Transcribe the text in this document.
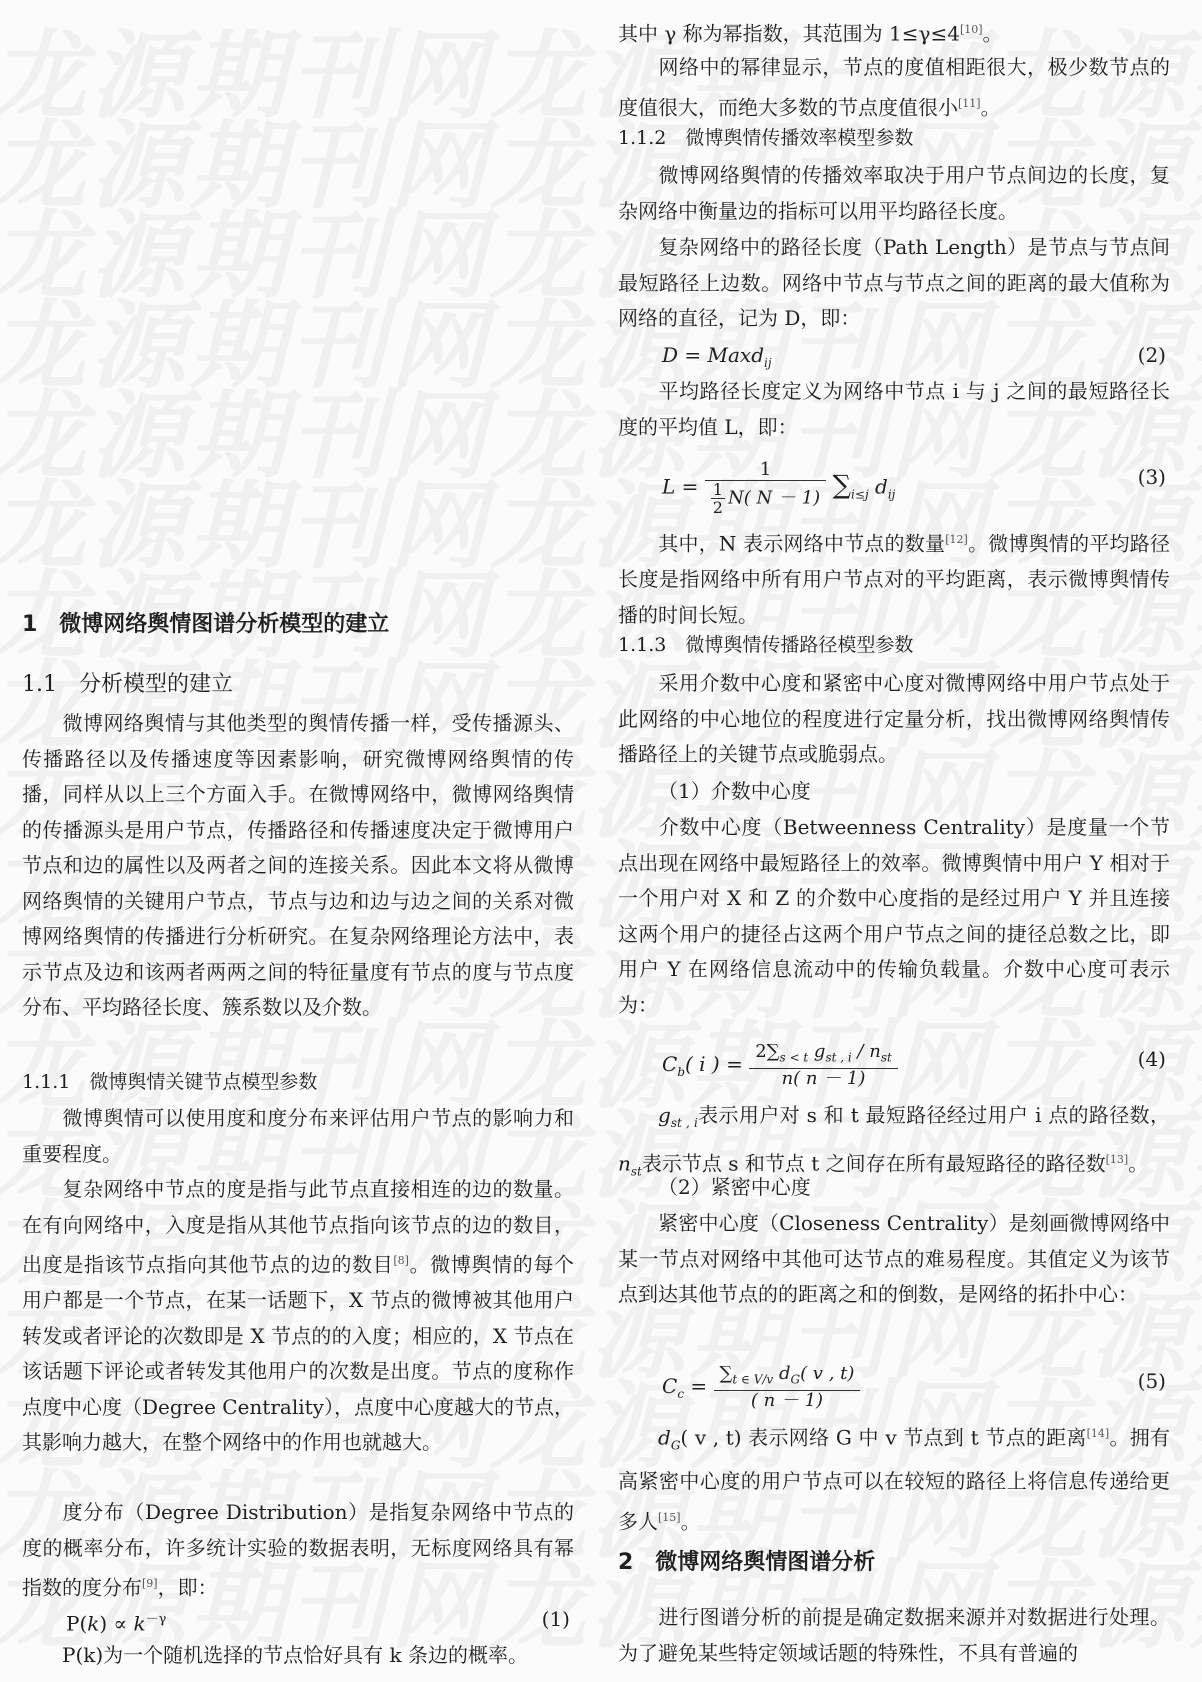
1　微博网络舆情图谱分析模型的建立
1.1　分析模型的建立
微博网络舆情与其他类型的舆情传播一样，受传播源头、传播路径以及传播速度等因素影响，研究微博网络舆情的传播，同样从以上三个方面入手。在微博网络中，微博网络舆情的传播源头是用户节点，传播路径和传播速度决定于微博用户节点和边的属性以及两者之间的连接关系。因此本文将从微博网络舆情的关键用户节点，节点与边和边与边之间的关系对微博网络舆情的传播进行分析研究。在复杂网络理论方法中，表示节点及边和该两者两两之间的特征量度有节点的度与节点度分布、平均路径长度、簇系数以及介数。
1.1.1　微博舆情关键节点模型参数
微博舆情可以使用度和度分布来评估用户节点的影响力和重要程度。
复杂网络中节点的度是指与此节点直接相连的边的数量。在有向网络中，入度是指从其他节点指向该节点的边的数目，出度是指该节点指向其他节点的边的数目[8]。微博舆情的每个用户都是一个节点，在某一话题下，X 节点的微博被其他用户转发或者评论的次数即是 X 节点的的入度；相应的，X 节点在该话题下评论或者转发其他用户的次数是出度。节点的度称作点度中心度（Degree Centrality），点度中心度越大的节点，其影响力越大，在整个网络中的作用也就越大。
度分布（Degree Distribution）是指复杂网络中节点的度的概率分布，许多统计实验的数据表明，无标度网络具有幂指数的度分布[9]，即：
$P(k) \propto k^{-\gamma}$	(1)
P(k)为一个随机选择的节点恰好具有 k 条边的概率。
其中 γ 称为幂指数，其范围为 1≤γ≤4[10]。
网络中的幂律显示，节点的度值相距很大，极少数节点的度值很大，而绝大多数的节点度值很小[11]。
1.1.2　微博舆情传播效率模型参数
微博网络舆情的传播效率取决于用户节点间边的长度，复杂网络中衡量边的指标可以用平均路径长度。
复杂网络中的路径长度（Path Length）是节点与节点间最短路径上边数。网络中节点与节点之间的距离的最大值称为网络的直径，记为 D，即：
D = Maxd$_{ij}$	(2)
平均路径长度定义为网络中节点 i 与 j 之间的最短路径长度的平均值 L，即：
$L = \frac{1}{\frac{1}{2} N( N - 1)} \sum_{i\le j}$ $d_{ij}$
(3)
其中，N 表示网络中节点的数量[12]。微博舆情的平均路径长度是指网络中所有用户节点对的平均距离，表示微博舆情传播的时间长短。
1.1.3　微博舆情传播路径模型参数
采用介数中心度和紧密中心度对微博网络中用户节点处于此网络的中心地位的程度进行定量分析，找出微博网络舆情传播路径上的关键节点或脆弱点。
（1）介数中心度
介数中心度（Betweenness Centrality）是度量一个节点出现在网络中最短路径上的效率。微博舆情中用户 Y 相对于一个用户对 X 和 Z 的介数中心度指的是经过用户 Y 并且连接这两个用户的捷径占这两个用户节点之间的捷径总数之比，即用户 Y 在网络信息流动中的传输负载量。介数中心度可表示为：
$C_b$( i ) = $\frac{2\sum_{s < t} g_{st , i} / n_{st}}{n( n - 1)}$	(4)
$g_{st , i}$表示用户对 s 和 t 最短路径经过用户 i 点的路径数，$n_{st}$表示节点 s 和节点 t 之间存在所有最短路径的路径数[13]。
（2）紧密中心度
紧密中心度（Closeness Centrality）是刻画微博网络中某一节点对网络中其他可达节点的难易程度。其值定义为该节点到达其他节点的的距离之和的倒数，是网络的拓扑中心：
$C_c = \frac{\sum_{t \in V/v} d_G( v , t)}{( n - 1)}$	(5)
$d_G$( v , t) 表示网络 G 中 v 节点到 t 节点的距离[14]。拥有高紧密中心度的用户节点可以在较短的路径上将信息传递给更多人[15]。
2　微博网络舆情图谱分析
进行图谱分析的前提是确定数据来源并对数据进行处理。为了避免某些特定领域话题的特殊性，不具有普遍的
